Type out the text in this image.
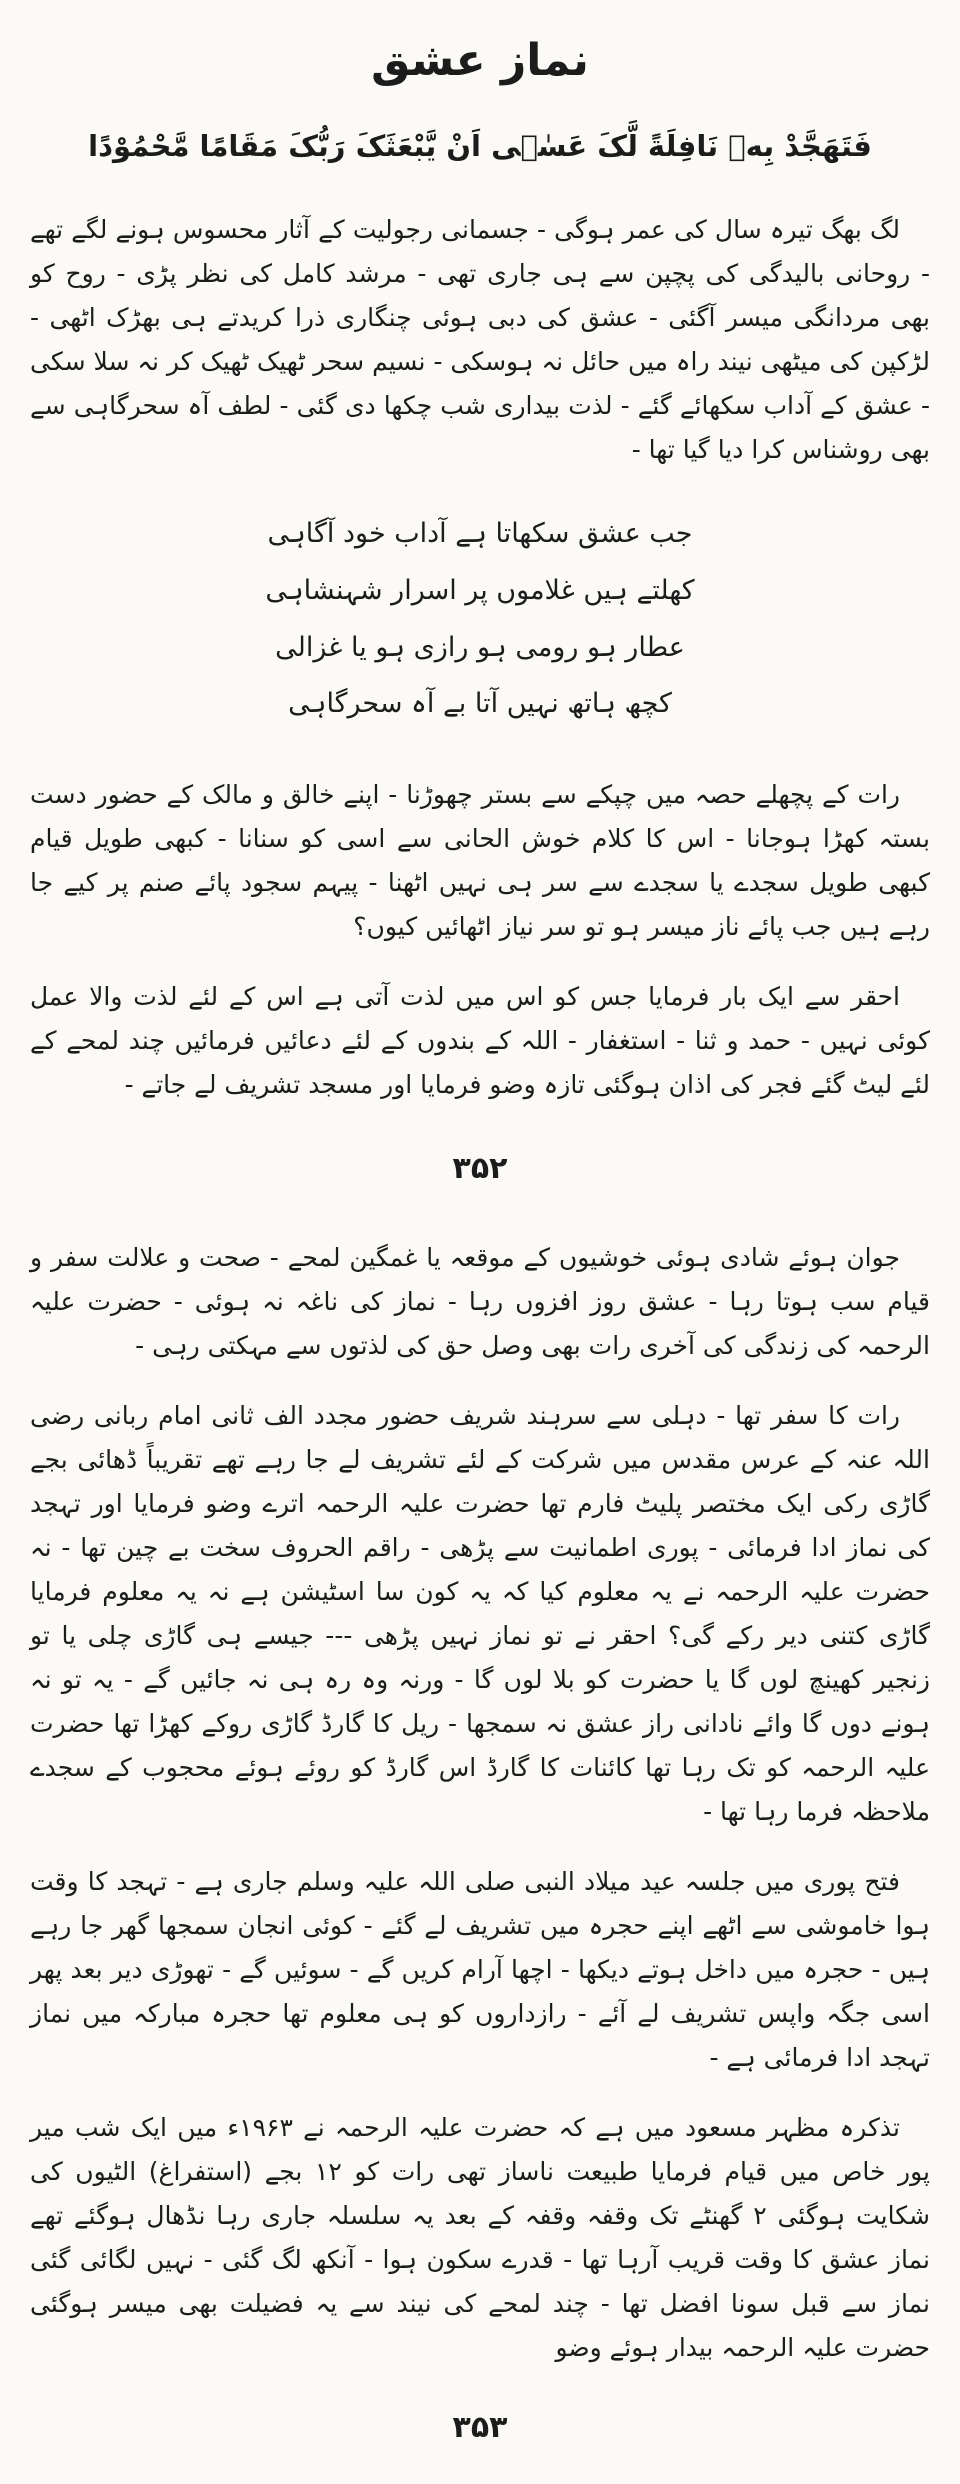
نماز عشق
فَتَهَجَّدْ بِهٖ نَافِلَةً لَّکَ عَسٰۤی اَنْ یَّبْعَثَکَ رَبُّکَ مَقَامًا مَّحْمُوْدًا

لگ بھگ تیرہ سال کی عمر ہوگی - جسمانی رجولیت کے آثار محسوس ہونے لگے تھے - روحانی بالیدگی کی پچپن سے ہی جاری تھی - مرشد کامل کی نظر پڑی - روح کو بھی مردانگی میسر آگئی - عشق کی دبی ہوئی چنگاری ذرا کریدتے ہی بھڑک اٹھی - لڑکپن کی میٹھی نیند راہ میں حائل نہ ہوسکی - نسیم سحر ٹھیک ٹھیک کر نہ سلا سکی - عشق کے آداب سکھائے گئے - لذت بیداری شب چکھا دی گئی - لطف آہ سحرگاہی سے بھی روشناس کرا دیا گیا تھا -

جب عشق سکھاتا ہے آداب خود آگاہی
کھلتے ہیں غلاموں پر اسرار شہنشاہی
عطار ہو رومی ہو رازی ہو یا غزالی
کچھ ہاتھ نہیں آتا بے آہ سحرگاہی

رات کے پچھلے حصہ میں چپکے سے بستر چھوڑنا - اپنے خالق و مالک کے حضور دست بستہ کھڑا ہوجانا - اس کا کلام خوش الحانی سے اسی کو سنانا - کبھی طویل قیام کبھی طویل سجدے یا سجدے سے سر ہی نہیں اٹھنا - پیہم سجود پائے صنم پر کیے جا رہے ہیں جب پائے ناز میسر ہو تو سر نیاز اٹھائیں کیوں؟

احقر سے ایک بار فرمایا جس کو اس میں لذت آتی ہے اس کے لئے لذت والا عمل کوئی نہیں - حمد و ثنا - استغفار - اللہ کے بندوں کے لئے دعائیں فرمائیں چند لمحے کے لئے لیٹ گئے فجر کی اذان ہوگئی تازہ وضو فرمایا اور مسجد تشریف لے جاتے -

۳۵۲

جوان ہوئے شادی ہوئی خوشیوں کے موقعہ یا غمگین لمحے - صحت و علالت سفر و قیام سب ہوتا رہا - عشق روز افزوں رہا - نماز کی ناغہ نہ ہوئی - حضرت علیہ الرحمہ کی زندگی کی آخری رات بھی وصل حق کی لذتوں سے مہکتی رہی -

رات کا سفر تھا - دہلی سے سرہند شریف حضور مجدد الف ثانی امام ربانی رضی اللہ عنہ کے عرس مقدس میں شرکت کے لئے تشریف لے جا رہے تھے تقریباً ڈھائی بجے گاڑی رکی ایک مختصر پلیٹ فارم تھا حضرت علیہ الرحمہ اترے وضو فرمایا اور تہجد کی نماز ادا فرمائی - پوری اطمانیت سے پڑھی - راقم الحروف سخت بے چین تھا - نہ حضرت علیہ الرحمہ نے یہ معلوم کیا کہ یہ کون سا اسٹیشن ہے نہ یہ معلوم فرمایا گاڑی کتنی دیر رکے گی؟ احقر نے تو نماز نہیں پڑھی --- جیسے ہی گاڑی چلی یا تو زنجیر کھینچ لوں گا یا حضرت کو بلا لوں گا - ورنہ وہ رہ ہی نہ جائیں گے - یہ تو نہ ہونے دوں گا وائے نادانی راز عشق نہ سمجھا - ریل کا گارڈ گاڑی روکے کھڑا تھا حضرت علیہ الرحمہ کو تک رہا تھا کائنات کا گارڈ اس گارڈ کو روئے ہوئے محجوب کے سجدے ملاحظہ فرما رہا تھا -

فتح پوری میں جلسہ عید میلاد النبی صلی اللہ علیہ وسلم جاری ہے - تہجد کا وقت ہوا خاموشی سے اٹھے اپنے حجرہ میں تشریف لے گئے - کوئی انجان سمجھا گھر جا رہے ہیں - حجرہ میں داخل ہوتے دیکھا - اچھا آرام کریں گے - سوئیں گے - تھوڑی دیر بعد پھر اسی جگہ واپس تشریف لے آئے - رازداروں کو ہی معلوم تھا حجرہ مبارکہ میں نماز تہجد ادا فرمائی ہے -

تذکرہ مظہر مسعود میں ہے کہ حضرت علیہ الرحمہ نے ۱۹۶۳ء میں ایک شب میر پور خاص میں قیام فرمایا طبیعت ناساز تھی رات کو ۱۲ بجے (استفراغ) الٹیوں کی شکایت ہوگئی ۲ گھنٹے تک وقفہ وقفہ کے بعد یہ سلسلہ جاری رہا نڈھال ہوگئے تھے نماز عشق کا وقت قریب آرہا تھا - قدرے سکون ہوا - آنکھ لگ گئی - نہیں لگائی گئی نماز سے قبل سونا افضل تھا - چند لمحے کی نیند سے یہ فضیلت بھی میسر ہوگئی حضرت علیہ الرحمہ بیدار ہوئے وضو

۳۵۳
